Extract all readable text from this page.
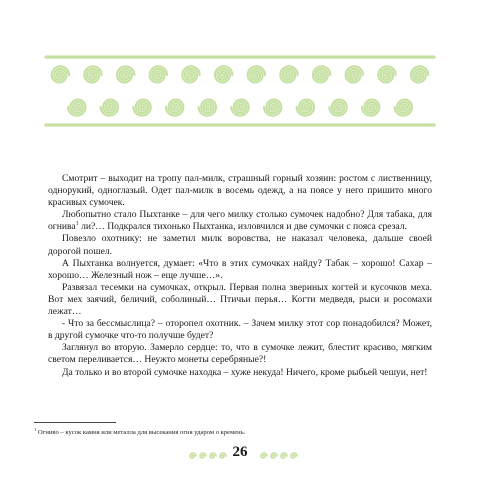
Смотрит – выходит на тропу пал-милк, страшный горный хозяин: ростом с лиственницу, однорукий, одноглазый. Одет пал-милк в восемь одежд, а на поясе у него пришито много красивых сумочек.

Любопытно стало Пыхтанке – для чего милку столько сумочек надобно? Для табака, для огнива$^1$ ли?… Подкрался тихонько Пыхтанка, изловчился и две сумочки с пояса срезал.

Повезло охотнику: не заметил милк воровства, не наказал человека, дальше своей дорогой пошел.

А Пыхтанка волнуется, думает: «Что в этих сумочках найду? Табак – хорошо! Сахар – хорошо… Железный нож – еще лучше…».

Развязал тесемки на сумочках, открыл. Первая полна звериных когтей и кусочков меха. Вот мех заячий, беличий, соболиный… Птичьи перья… Когти медведя, рыси и росомахи лежат…

- Что за бессмыслица? – оторопел охотник. – Зачем милку этот сор понадобился? Может, в другой сумочке что-то получше будет?

Заглянул во вторую. Замерло сердце: то, что в сумочке лежит, блестит красиво, мягким светом переливается… Неужто монеты серебряные?!

Да только и во второй сумочке находка – хуже некуда! Ничего, кроме рыбьей чешуи, нет!

$^1$ Огниво – кусок камня или металла для высекания огня ударом о кремень.
26
